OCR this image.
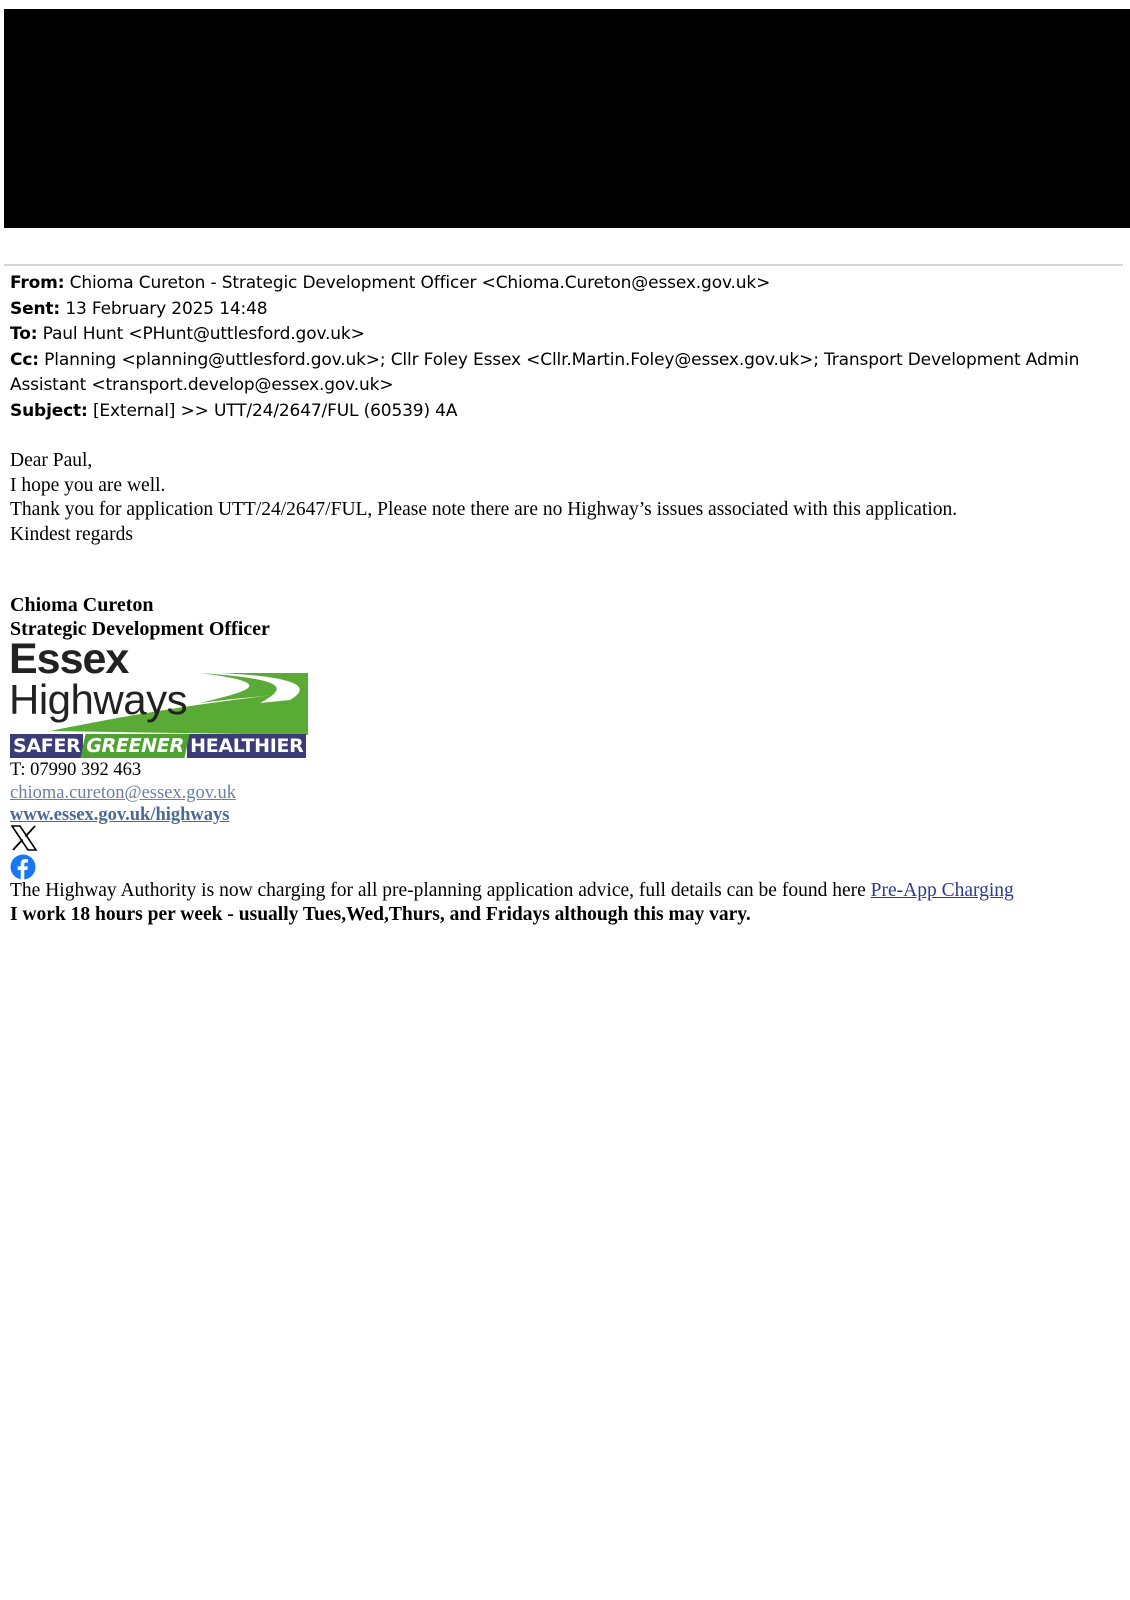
From: Chioma Cureton - Strategic Development Officer <Chioma.Cureton@essex.gov.uk>
Sent: 13 February 2025 14:48
To: Paul Hunt <PHunt@uttlesford.gov.uk>
Cc: Planning <planning@uttlesford.gov.uk>; Cllr Foley Essex <Cllr.Martin.Foley@essex.gov.uk>; Transport Development Admin Assistant <transport.develop@essex.gov.uk>
Subject: [External] >> UTT/24/2647/FUL (60539) 4A
Dear Paul,
I hope you are well.
Thank you for application UTT/24/2647/FUL, Please note there are no Highway’s issues associated with this application.
Kindest regards
Chioma Cureton
Strategic Development Officer
Essex
Highways
SAFER GREENER HEALTHIER
T: 07990 392 463
chioma.cureton@essex.gov.uk
www.essex.gov.uk/highways
The Highway Authority is now charging for all pre-planning application advice, full details can be found here Pre-App Charging
I work 18 hours per week - usually Tues,Wed,Thurs, and Fridays although this may vary.
